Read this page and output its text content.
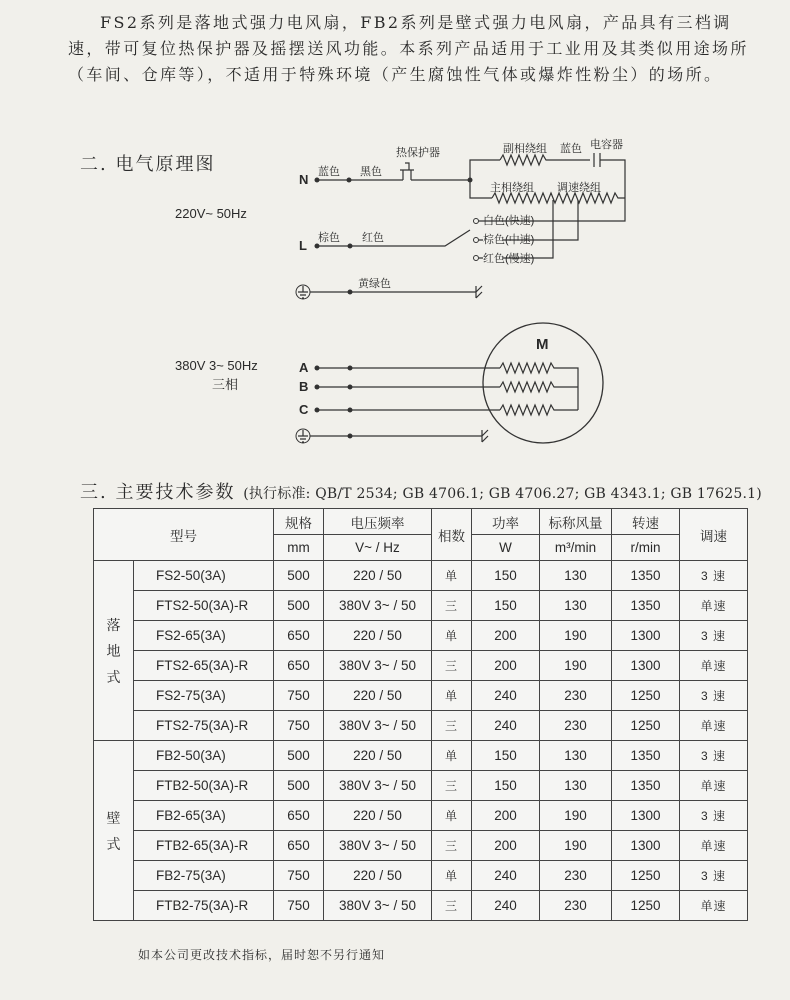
FS2系列是落地式强力电风扇，FB2系列是壁式强力电风扇，产品具有三档调速，带可复位热保护器及摇摆送风功能。本系列产品适用于工业用及其类似用途场所（车间、仓库等），不适用于特殊环境（产生腐蚀性气体或爆炸性粉尘）的场所。

二. 电气原理图
220V~ 50Hz
N 蓝色 黑色
热保护器	副相绕组 蓝色 电容器
主相绕组 调速绕组
白色(快速)
棕色(中速)
红色(慢速)
L 棕色 红色
黄绿色
380V 3~ 50Hz
三相
A
B
C
M
三. 主要技术参数 (执行标准: QB/T 2534; GB 4706.1; GB 4706.27; GB 4343.1; GB 17625.1)
型号		规格	电压频率	相数	功率	标称风量	转速	调速
		mm	V~ / Hz		W	m³/min	r/min	
落地式	FS2-50(3A)	500	220 / 50	单	150	130	1350	3 速
	FTS2-50(3A)-R	500	380V 3~ / 50	三	150	130	1350	单速
	FS2-65(3A)	650	220 / 50	单	200	190	1300	3 速
	FTS2-65(3A)-R	650	380V 3~ / 50	三	200	190	1300	单速
	FS2-75(3A)	750	220 / 50	单	240	230	1250	3 速
	FTS2-75(3A)-R	750	380V 3~ / 50	三	240	230	1250	单速
壁式	FB2-50(3A)	500	220 / 50	单	150	130	1350	3 速
	FTB2-50(3A)-R	500	380V 3~ / 50	三	150	130	1350	单速
	FB2-65(3A)	650	220 / 50	单	200	190	1300	3 速
	FTB2-65(3A)-R	650	380V 3~ / 50	三	200	190	1300	单速
	FB2-75(3A)	750	220 / 50	单	240	230	1250	3 速
	FTB2-75(3A)-R	750	380V 3~ / 50	三	240	230	1250	单速
如本公司更改技术指标，届时恕不另行通知
